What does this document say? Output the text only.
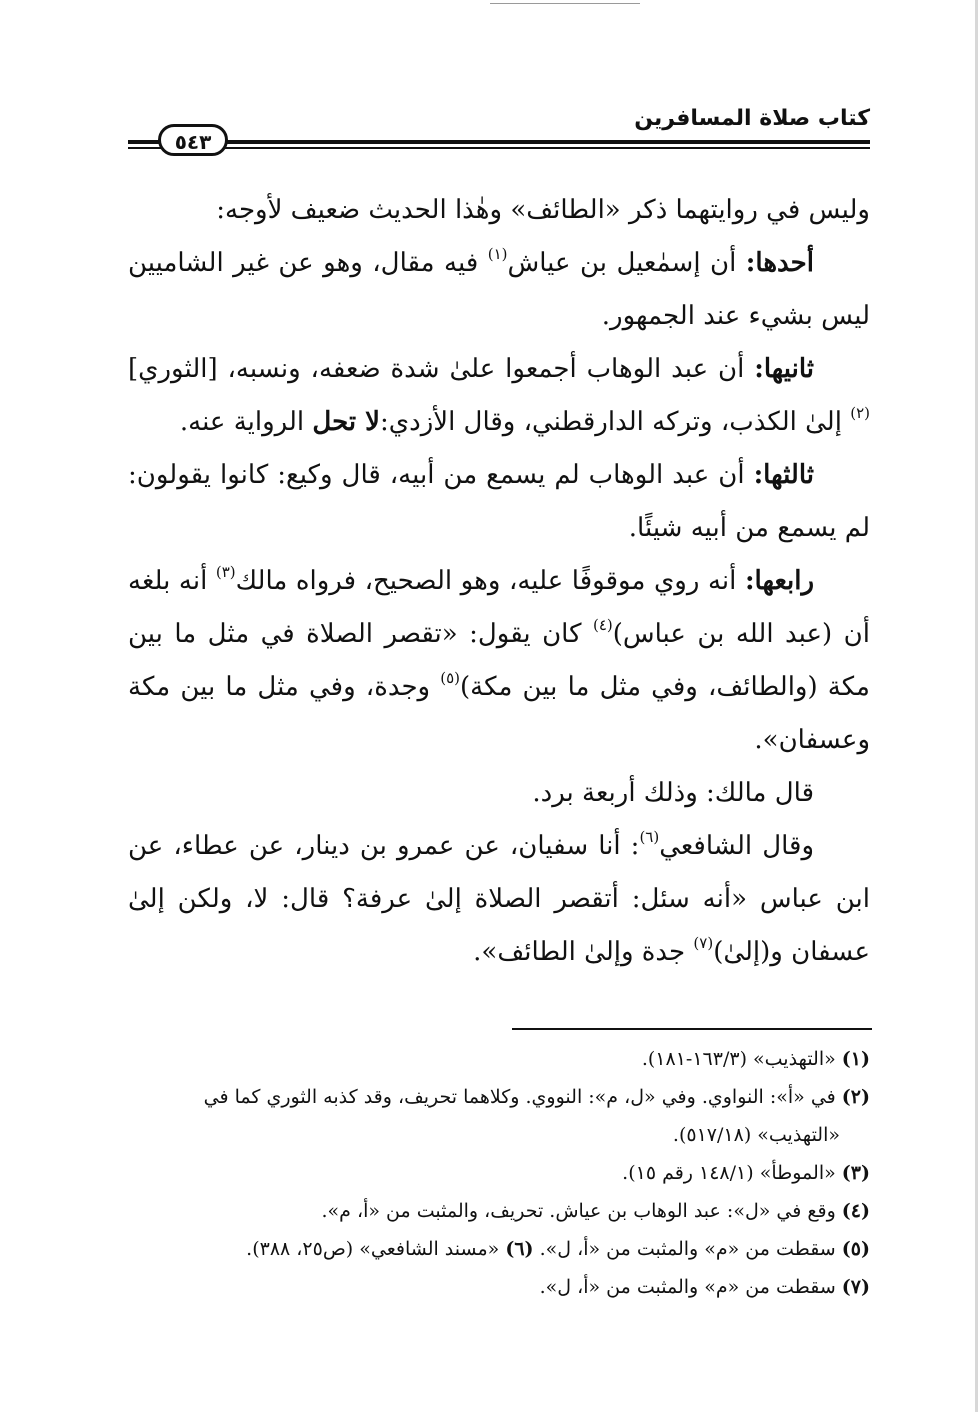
كتاب صلاة المسافرين
٥٤٣

وليس في روايتهما ذكر «الطائف» وهٰذا الحديث ضعيف لأوجه:

أحدها: أن إسمٰعيل بن عياش$^{(١)}$ فيه مقال، وهو عن غير الشاميين ليس بشيء عند الجمهور.

ثانيها: أن عبد الوهاب أجمعوا علىٰ شدة ضعفه، ونسبه، [الثوري]$^{(٢)}$ إلىٰ الكذب، وتركه الدارقطني، وقال الأزدي:لا تحل الرواية عنه.

ثالثها: أن عبد الوهاب لم يسمع من أبيه، قال وكيع: كانوا يقولون: لم يسمع من أبيه شيئًا.

رابعها: أنه روي موقوفًا عليه، وهو الصحيح، فرواه مالك$^{(٣)}$ أنه بلغه أن (عبد الله بن عباس)$^{(٤)}$ كان يقول: «تقصر الصلاة في مثل ما بين مكة (والطائف، وفي مثل ما بين مكة)$^{(٥)}$ وجدة، وفي مثل ما بين مكة وعسفان».

قال مالك: وذلك أربعة برد.

وقال الشافعي$^{(٦)}$: أنا سفيان، عن عمرو بن دينار، عن عطاء، عن ابن عباس «أنه سئل: أتقصر الصلاة إلىٰ عرفة؟ قال: لا، ولكن إلىٰ عسفان و(إلىٰ)$^{(٧)}$ جدة وإلىٰ الطائف».

(١) «التهذيب» (١٦٣/٣-١٨١).

(٢) في «أ»: النواوي. وفي «ل، م»: النووي. وكلاهما تحريف، وقد كذبه الثوري كما في

«التهذيب» (٥١٧/١٨).

(٣) «الموطأ» (١٤٨/١ رقم ١٥).

(٤) وقع في «ل»: عبد الوهاب بن عياش. تحريف، والمثبت من «أ، م».

(٥) سقطت من «م» والمثبت من «أ، ل». (٦) «مسند الشافعي» (ص٢٥، ٣٨٨).

(٧) سقطت من «م» والمثبت من «أ، ل».
